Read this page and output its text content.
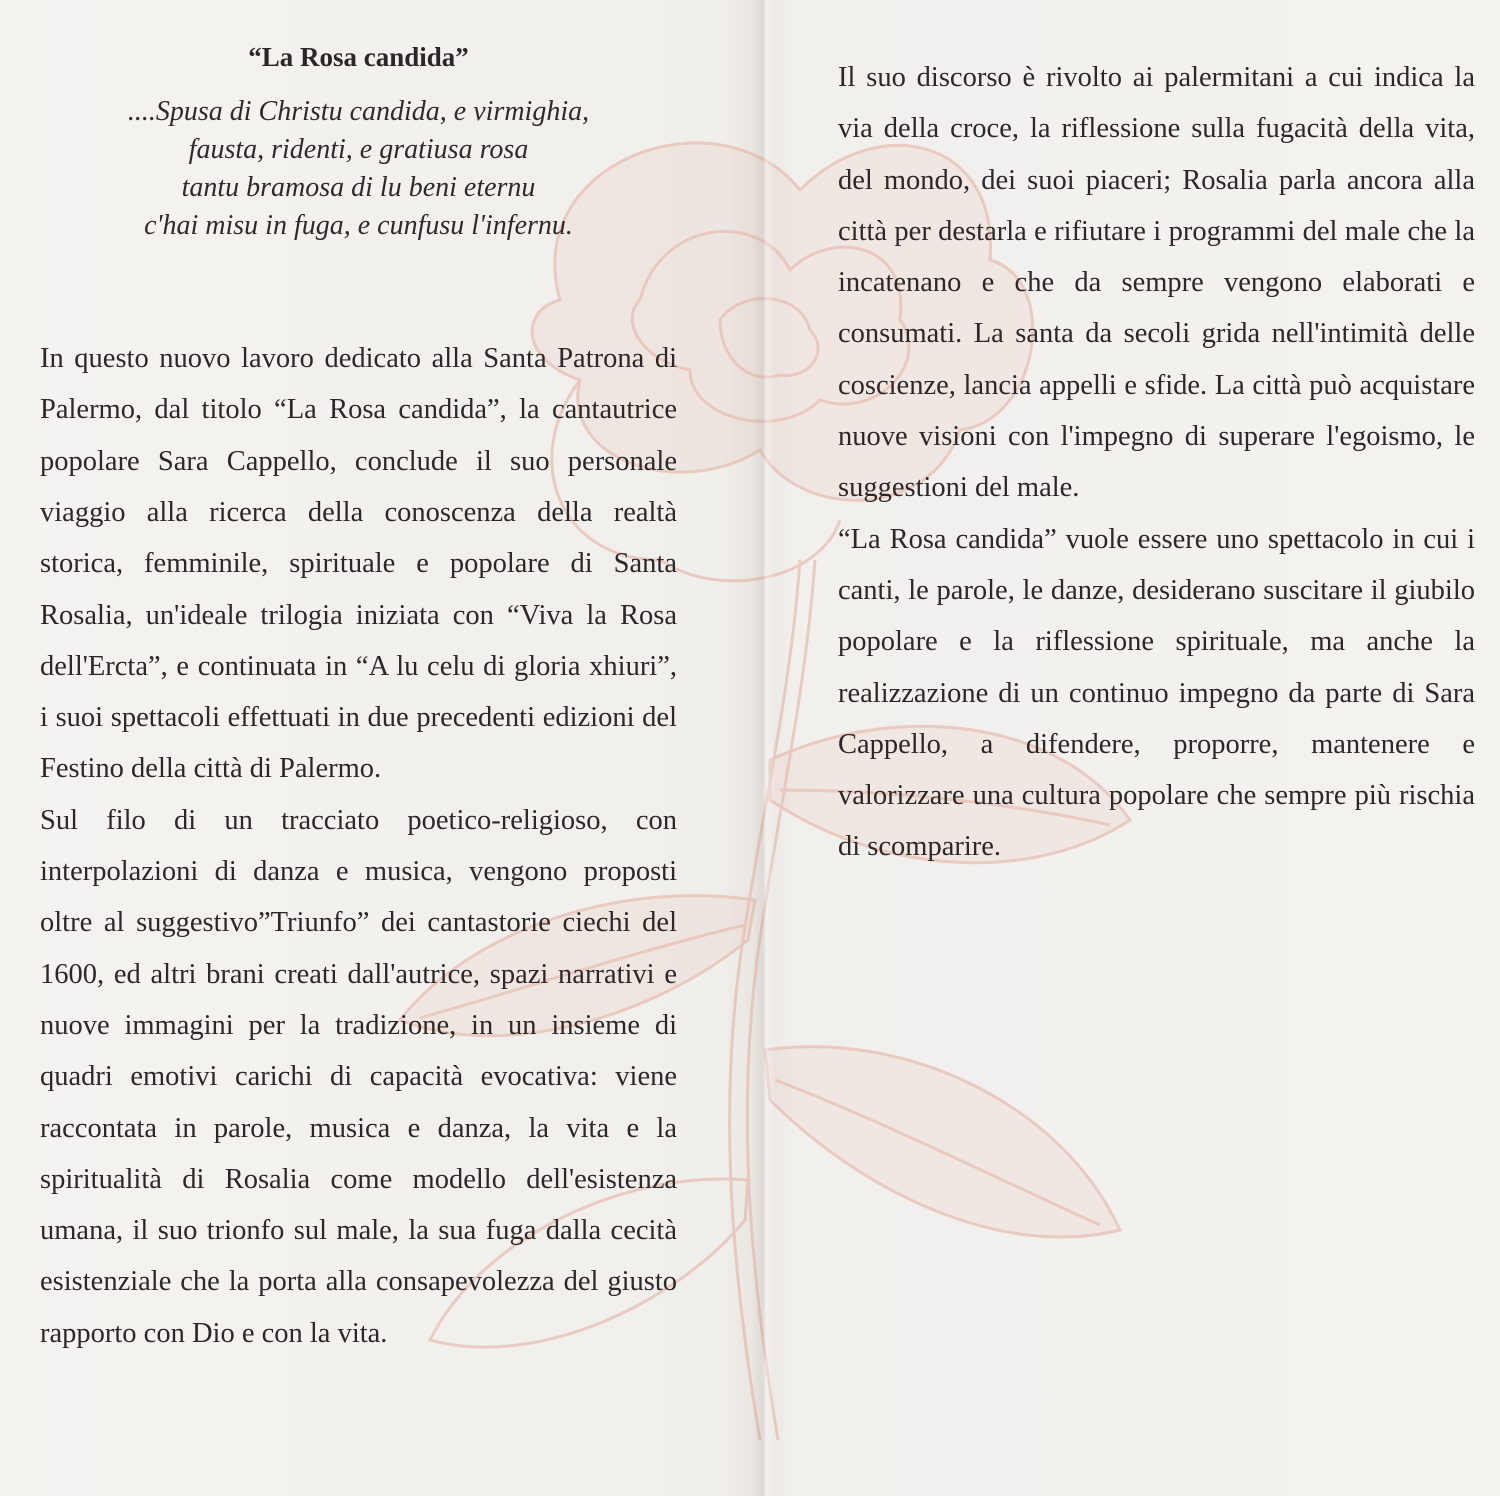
“La Rosa candida”
....Spusa di Christu candida, e virmighia,
fausta, ridenti, e gratiusa rosa
tantu bramosa di lu beni eternu
c'hai misu in fuga, e cunfusu l'infernu.

In questo nuovo lavoro dedicato alla Santa Patrona di Palermo, dal titolo “La Rosa candida”, la cantautrice popolare Sara Cappello, conclude il suo personale viaggio alla ricerca della conoscenza della realtà storica, femminile, spirituale e popolare di Santa Rosalia, un'ideale trilogia iniziata con “Viva la Rosa dell'Ercta”, e continuata in “A lu celu di gloria xhiuri”, i suoi spettacoli effettuati in due precedenti edizioni del Festino della città di Palermo.

Sul filo di un tracciato poetico-religioso, con interpolazioni di danza e musica, vengono proposti oltre al suggestivo”Triunfo” dei cantastorie ciechi del 1600, ed altri brani creati dall'autrice, spazi narrativi e nuove immagini per la tradizione, in un insieme di quadri emotivi carichi di capacità evocativa: viene raccontata in parole, musica e danza, la vita e la spiritualità di Rosalia come modello dell'esistenza umana, il suo trionfo sul male, la sua fuga dalla cecità esistenziale che la porta alla consapevolezza del giusto rapporto con Dio e con la vita.

Il suo discorso è rivolto ai palermitani a cui indica la via della croce, la riflessione sulla fugacità della vita, del mondo, dei suoi piaceri; Rosalia parla ancora alla città per destarla e rifiutare i programmi del male che la incatenano e che da sempre vengono elaborati e consumati. La santa da secoli grida nell'intimità delle coscienze, lancia appelli e sfide. La città può acquistare nuove visioni con l'impegno di superare l'egoismo, le suggestioni del male.

“La Rosa candida” vuole essere uno spettacolo in cui i canti, le parole, le danze, desiderano suscitare il giubilo popolare e la riflessione spirituale, ma anche la realizzazione di un continuo impegno da parte di Sara Cappello, a difendere, proporre, mantenere e valorizzare una cultura popolare che sempre più rischia di scomparire.
